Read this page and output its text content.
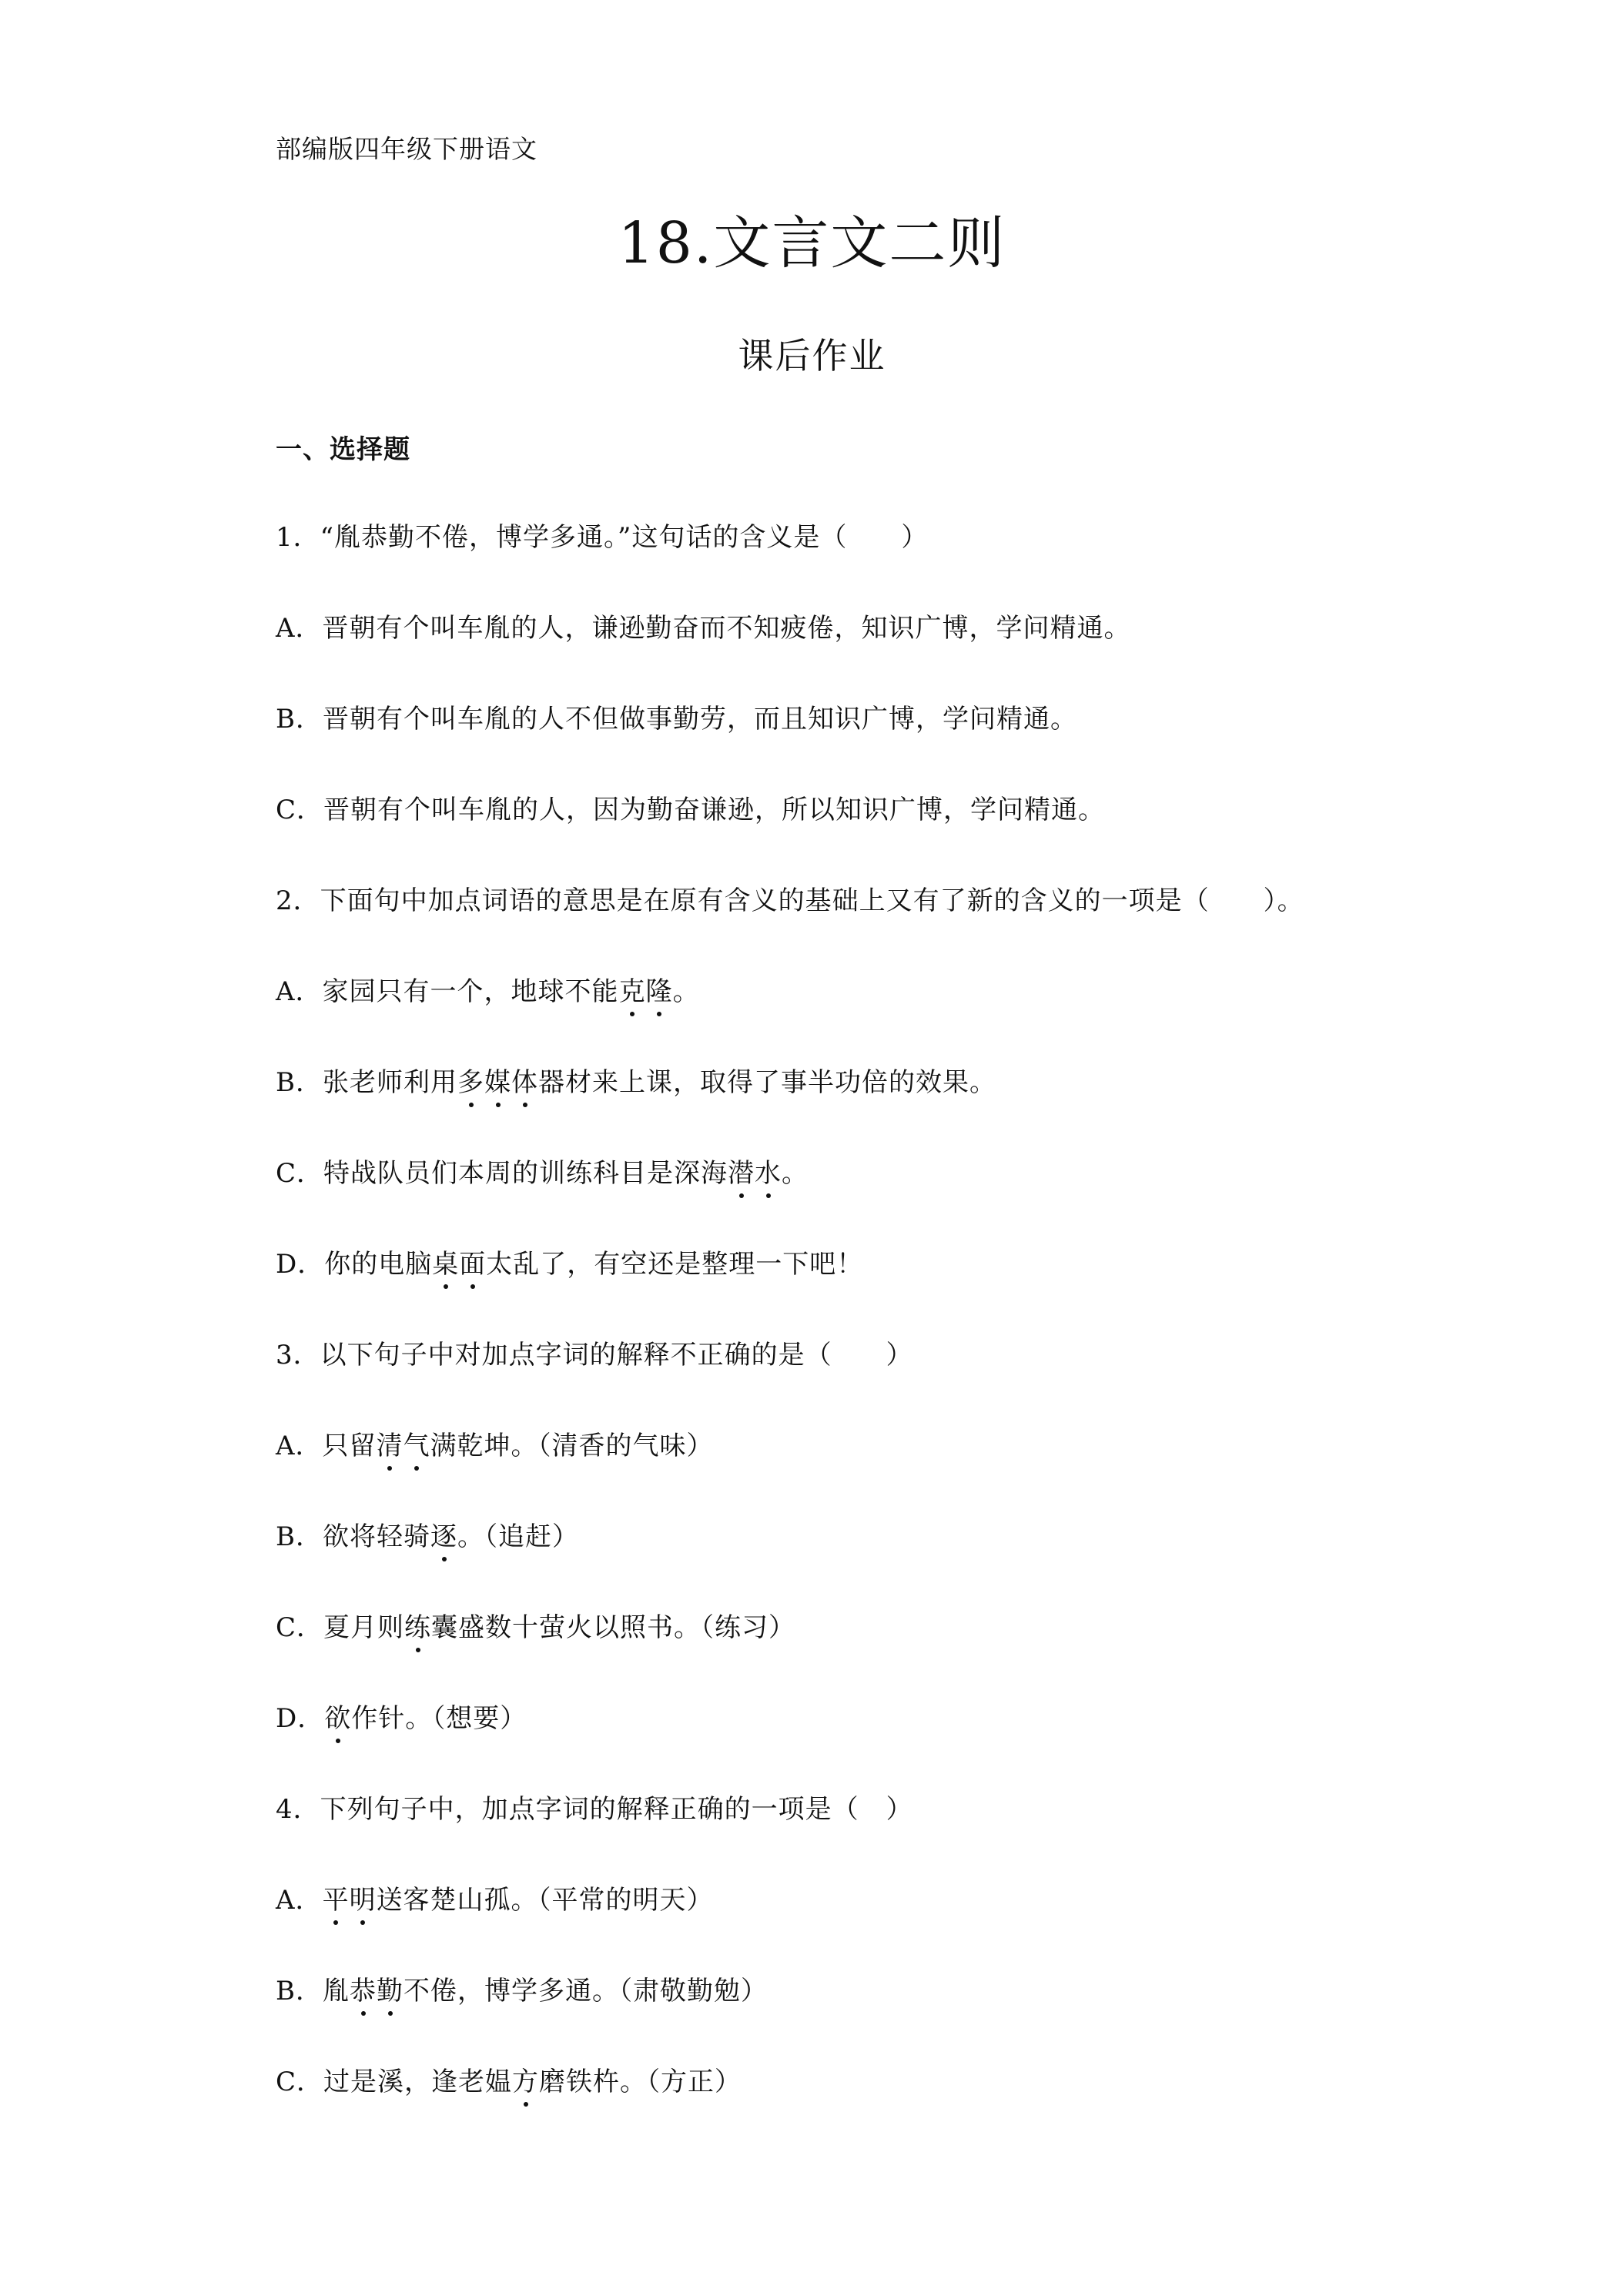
部编版四年级下册语文
18.文言文二则
课后作业
一、选择题
1．“胤恭勤不倦，博学多通。”这句话的含义是（　　 ）
A．晋朝有个叫车胤的人，谦逊勤奋而不知疲倦，知识广博，学问精通。
B．晋朝有个叫车胤的人不但做事勤劳，而且知识广博，学问精通。
C．晋朝有个叫车胤的人，因为勤奋谦逊，所以知识广博，学问精通。
2．下面句中加点词语的意思是在原有含义的基础上又有了新的含义的一项是（　　 ）。
A．家园只有一个，地球不能克隆。
B．张老师利用多媒体器材来上课，取得了事半功倍的效果。
C．特战队员们本周的训练科目是深海潜水。
D．你的电脑桌面太乱了，有空还是整理一下吧！
3．以下句子中对加点字词的解释不正确的是（　　 ）
A．只留清气满乾坤。（清香的气味）
B．欲将轻骑逐。（追赶）
C．夏月则练囊盛数十萤火以照书。（练习）
D．欲作针。（想要）
4．下列句子中，加点字词的解释正确的一项是（　 ）
A．平明送客楚山孤。（平常的明天）
B．胤恭勤不倦，博学多通。（肃敬勤勉）
C．过是溪，逢老媪方磨铁杵。（方正）
